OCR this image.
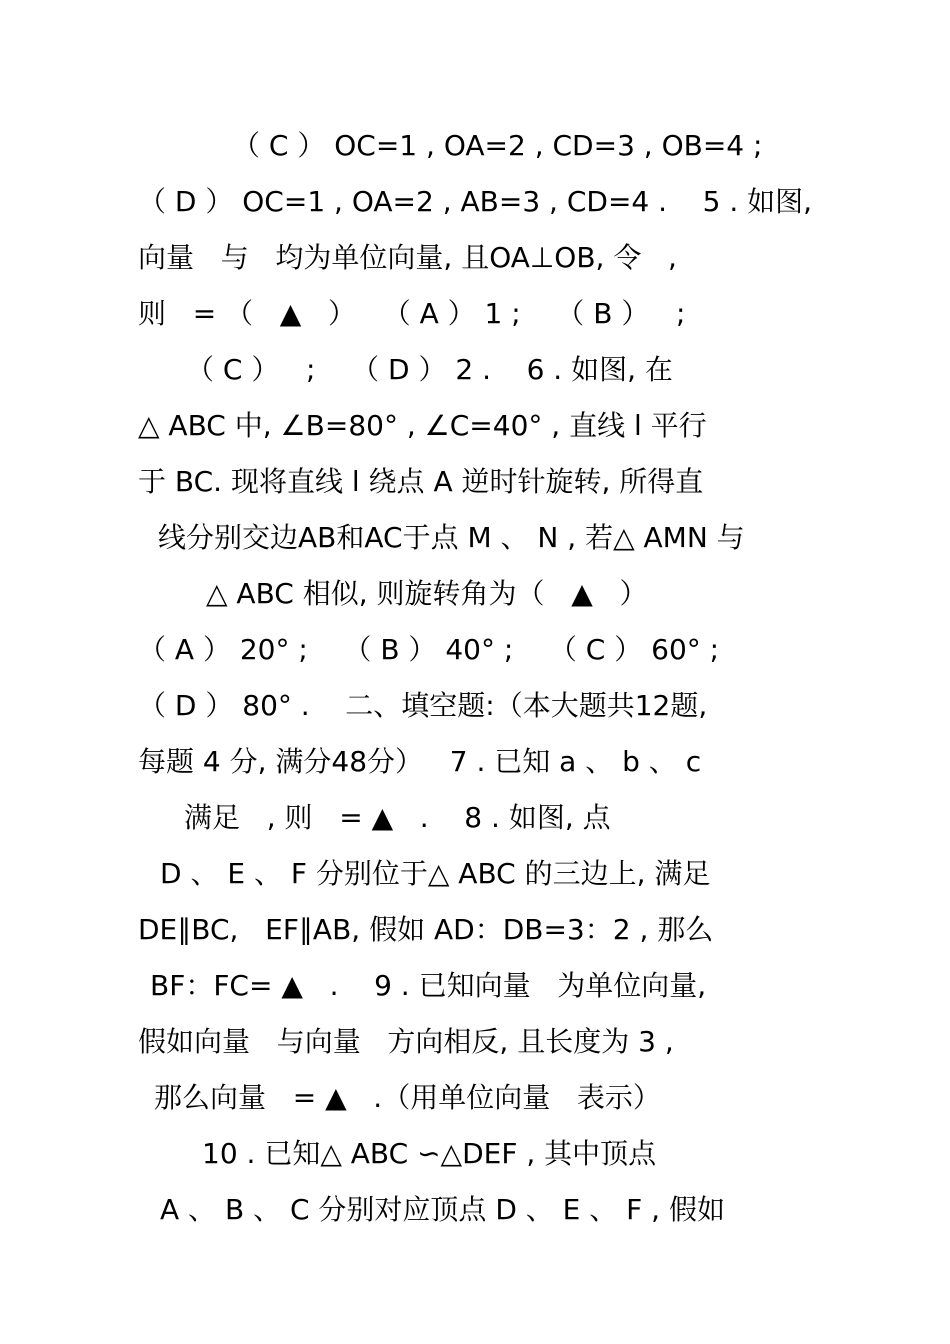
（ C ） OC=1 , OA=2 , CD=3 , OB=4 ;
（ D ） OC=1 , OA=2 , AB=3 , CD=4 .    5 . 如图,
向量   与   均为单位向量, 且OA⊥OB, 令   ,
则   = （   ▲   ）   （ A ） 1 ;    （ B ）   ;
（ C ）   ;    （ D ） 2 .    6 . 如图, 在
△ ABC 中, ∠B=80° , ∠C=40° , 直线 l 平行
于 BC. 现将直线 l 绕点 A 逆时针旋转, 所得直
线分别交边AB和AC于点 M 、 N , 若△ AMN 与
△ ABC 相似, 则旋转角为（   ▲   ）
（ A ） 20° ;    （ B ） 40° ;    （ C ） 60° ;
（ D ） 80° .    二、填空题:（本大题共12题,
每题 4 分, 满分48分）   7 . 已知 a 、 b 、 c
满足   , 则   = ▲   .    8 . 如图, 点
D 、 E 、 F 分别位于△ ABC 的三边上, 满足
DE∥BC,   EF∥AB, 假如 AD：DB=3：2 , 那么
BF：FC= ▲   .    9 . 已知向量   为单位向量,
假如向量   与向量   方向相反, 且长度为 3 ,
那么向量   = ▲   .（用单位向量   表示）
10 . 已知△ ABC ∽△DEF , 其中顶点
A 、 B 、 C 分别对应顶点 D 、 E 、 F , 假如
